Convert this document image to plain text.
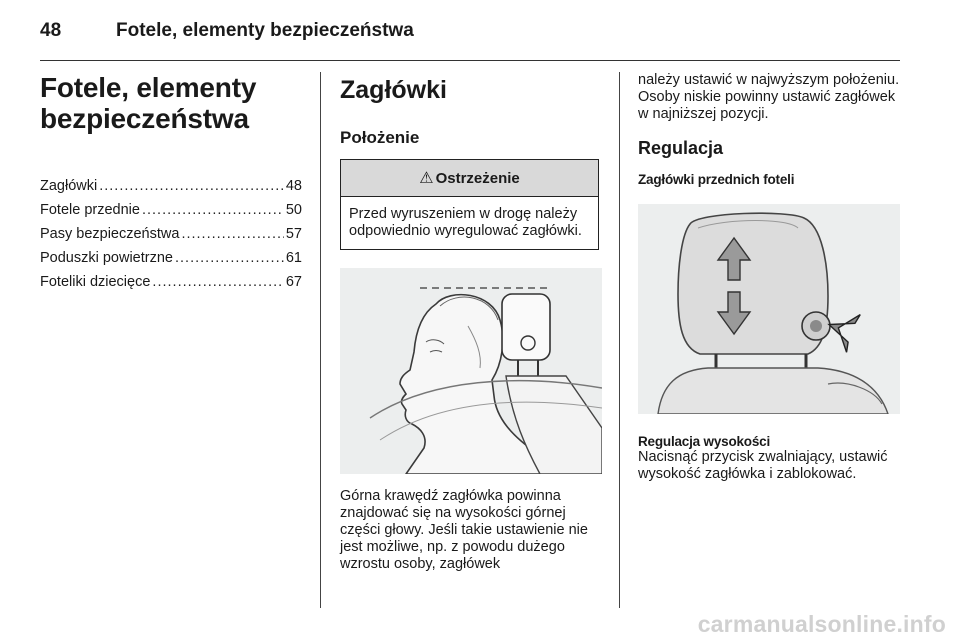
48	Fotele, elementy bezpieczeństwa
Fotele, elementy
bezpieczeństwa
Zagłówki .....	48
Fotele przednie .....	50
Pasy bezpieczeństwa .....	57
Poduszki powietrzne .....	61
Foteliki dziecięce .....	67
Zagłówki
Położenie
⚠ Ostrzeżenie
Przed wyruszeniem w drogę należy odpowiednio wyregulować zagłówki.

Górna krawędź zagłówka powinna znajdować się na wysokości górnej części głowy. Jeśli takie ustawienie nie jest możliwe, np. z powodu dużego wzrostu osoby, zagłówek

należy ustawić w najwyższym położeniu. Osoby niskie powinny ustawić zagłówek w najniższej pozycji.

Regulacja
Zagłówki przednich foteli
Regulacja wysokości

Nacisnąć przycisk zwalniający, ustawić wysokość zagłówka i zablokować.

carmanualsonline.info
